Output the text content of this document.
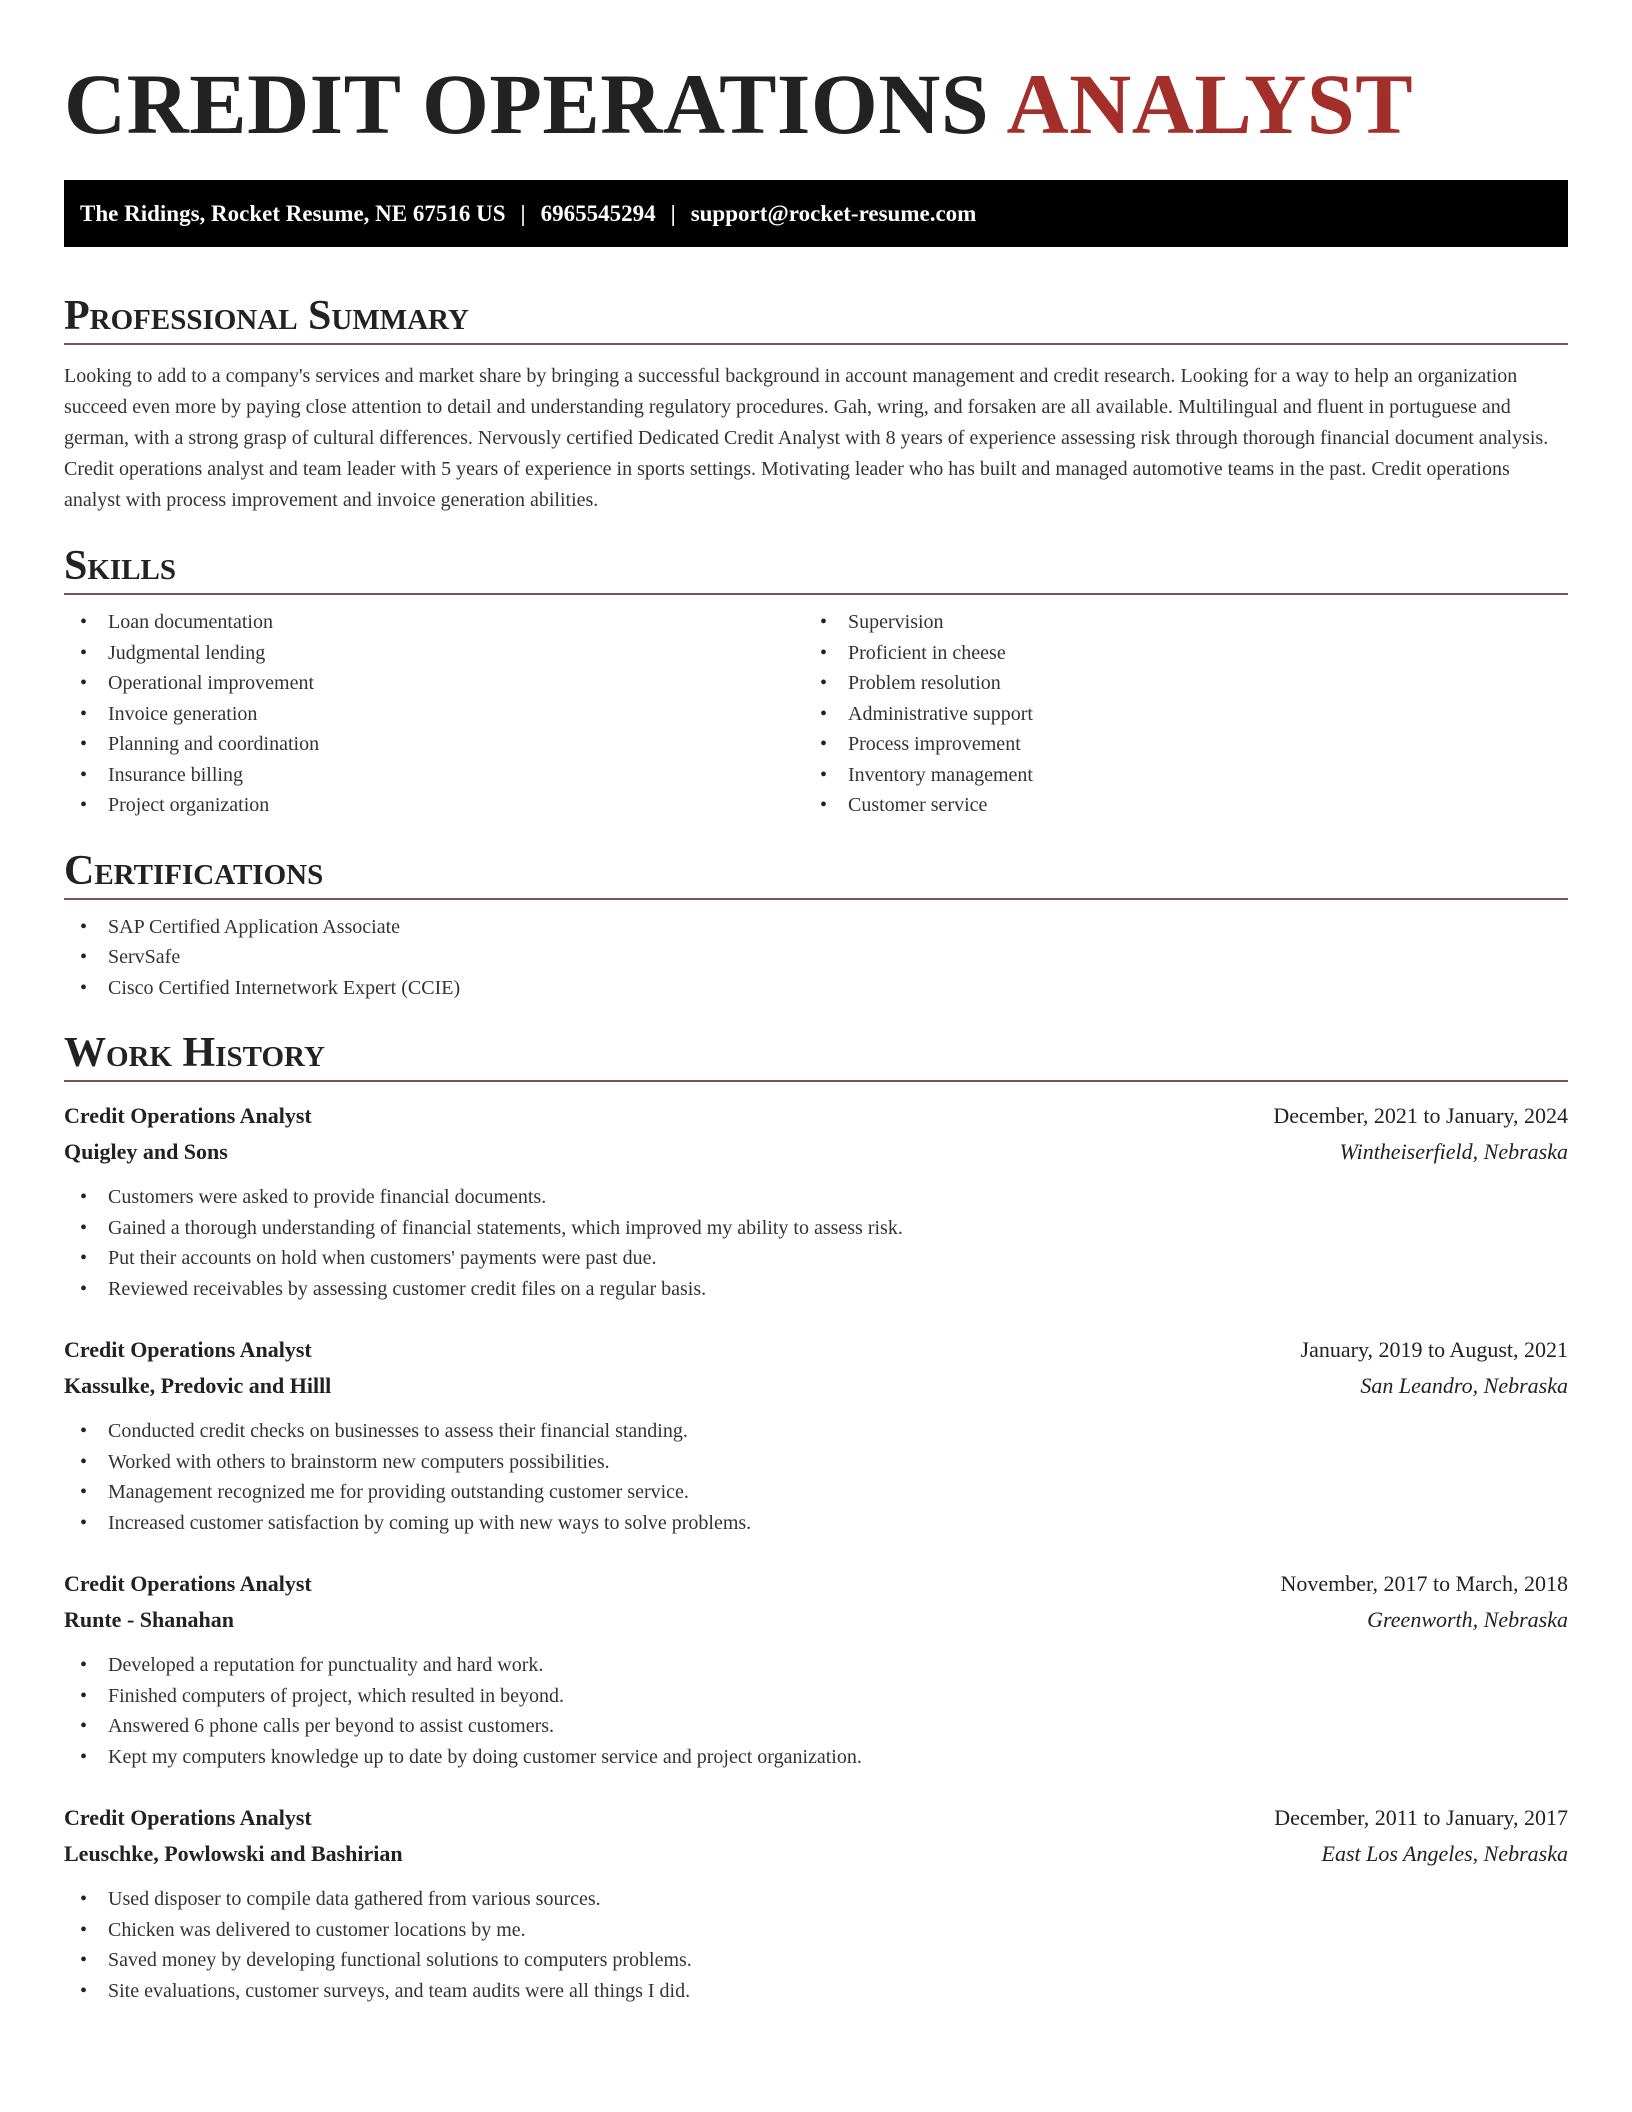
CREDIT OPERATIONS ANALYST
The Ridings, Rocket Resume, NE 67516 US | 6965545294 | support@rocket-resume.com
Professional Summary

Looking to add to a company's services and market share by bringing a successful background in account management and credit research. Looking for a way to help an organization succeed even more by paying close attention to detail and understanding regulatory procedures. Gah, wring, and forsaken are all available. Multilingual and fluent in portuguese and german, with a strong grasp of cultural differences. Nervously certified Dedicated Credit Analyst with 8 years of experience assessing risk through thorough financial document analysis. Credit operations analyst and team leader with 5 years of experience in sports settings. Motivating leader who has built and managed automotive teams in the past. Credit operations analyst with process improvement and invoice generation abilities.

Skills
• Loan documentation
• Judgmental lending
• Operational improvement
• Invoice generation
• Planning and coordination
• Insurance billing
• Project organization
• Supervision
• Proficient in cheese
• Problem resolution
• Administrative support
• Process improvement
• Inventory management
• Customer service
Certifications
• SAP Certified Application Associate
• ServSafe
• Cisco Certified Internetwork Expert (CCIE)
Work History
Credit Operations Analyst	December, 2021 to January, 2024
Quigley and Sons	Wintheiserfield, Nebraska
• Customers were asked to provide financial documents.
• Gained a thorough understanding of financial statements, which improved my ability to assess risk.
• Put their accounts on hold when customers' payments were past due.
• Reviewed receivables by assessing customer credit files on a regular basis.
Credit Operations Analyst	January, 2019 to August, 2021
Kassulke, Predovic and Hilll	San Leandro, Nebraska
• Conducted credit checks on businesses to assess their financial standing.
• Worked with others to brainstorm new computers possibilities.
• Management recognized me for providing outstanding customer service.
• Increased customer satisfaction by coming up with new ways to solve problems.
Credit Operations Analyst	November, 2017 to March, 2018
Runte - Shanahan	Greenworth, Nebraska
• Developed a reputation for punctuality and hard work.
• Finished computers of project, which resulted in beyond.
• Answered 6 phone calls per beyond to assist customers.
• Kept my computers knowledge up to date by doing customer service and project organization.
Credit Operations Analyst	December, 2011 to January, 2017
Leuschke, Powlowski and Bashirian	East Los Angeles, Nebraska
• Used disposer to compile data gathered from various sources.
• Chicken was delivered to customer locations by me.
• Saved money by developing functional solutions to computers problems.
• Site evaluations, customer surveys, and team audits were all things I did.
